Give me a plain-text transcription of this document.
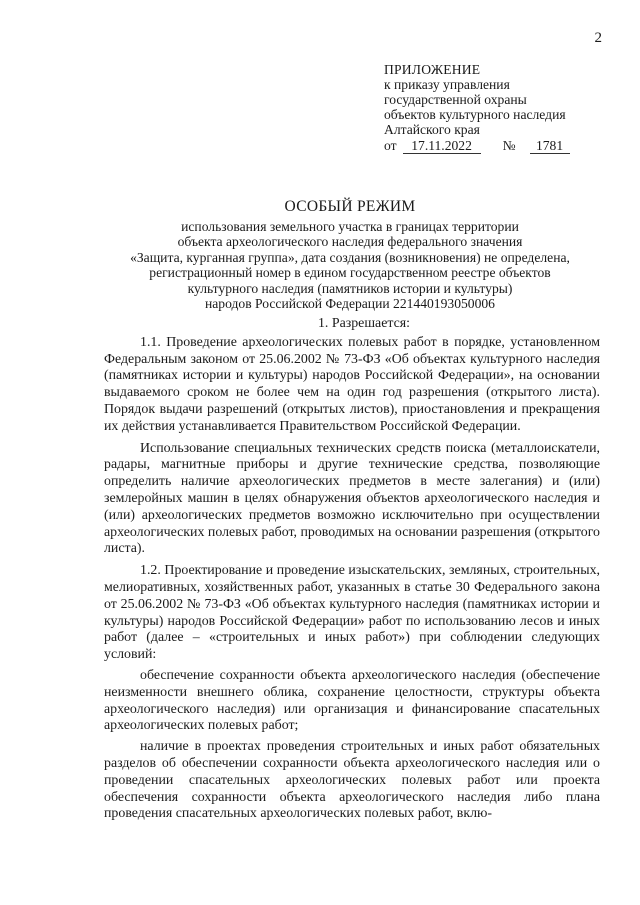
2
ПРИЛОЖЕНИЕ
к приказу управления
государственной охраны
объектов культурного наследия
Алтайского края
от	17.11.2022	№	1781
ОСОБЫЙ РЕЖИМ
использования земельного участка в границах территории
объекта археологического наследия федерального значения
«Защита, курганная группа», дата создания (возникновения) не определена,
регистрационный номер в едином государственном реестре объектов
культурного наследия (памятников истории и культуры)
народов Российской Федерации 221440193050006
1. Разрешается:

1.1. Проведение археологических полевых работ в порядке, установленном Федеральным законом от 25.06.2002 № 73-ФЗ «Об объектах культурного наследия (памятниках истории и культуры) народов Российской Федерации», на основании выдаваемого сроком не более чем на один год разрешения (открытого листа). Порядок выдачи разрешений (открытых листов), приостановления и прекращения их действия устанавливается Правительством Российской Федерации.

Использование специальных технических средств поиска (металлоискатели, радары, магнитные приборы и другие технические средства, позволяющие определить наличие археологических предметов в месте залегания) и (или) землеройных машин в целях обнаружения объектов археологического наследия и (или) археологических предметов возможно исключительно при осуществлении археологических полевых работ, проводимых на основании разрешения (открытого листа).

1.2. Проектирование и проведение изыскательских, земляных, строительных, мелиоративных, хозяйственных работ, указанных в статье 30 Федерального закона от 25.06.2002 № 73-ФЗ «Об объектах культурного наследия (памятниках истории и культуры) народов Российской Федерации» работ по использованию лесов и иных работ (далее – «строительных и иных работ») при соблюдении следующих условий:

обеспечение сохранности объекта археологического наследия (обеспечение неизменности внешнего облика, сохранение целостности, структуры объекта археологического наследия) или организация и финансирование спасательных археологических полевых работ;

наличие в проектах проведения строительных и иных работ обязательных разделов об обеспечении сохранности объекта археологического наследия или о проведении спасательных археологических полевых работ или проекта обеспечения сохранности объекта археологического наследия либо плана проведения спасательных археологических полевых работ, вклю-
